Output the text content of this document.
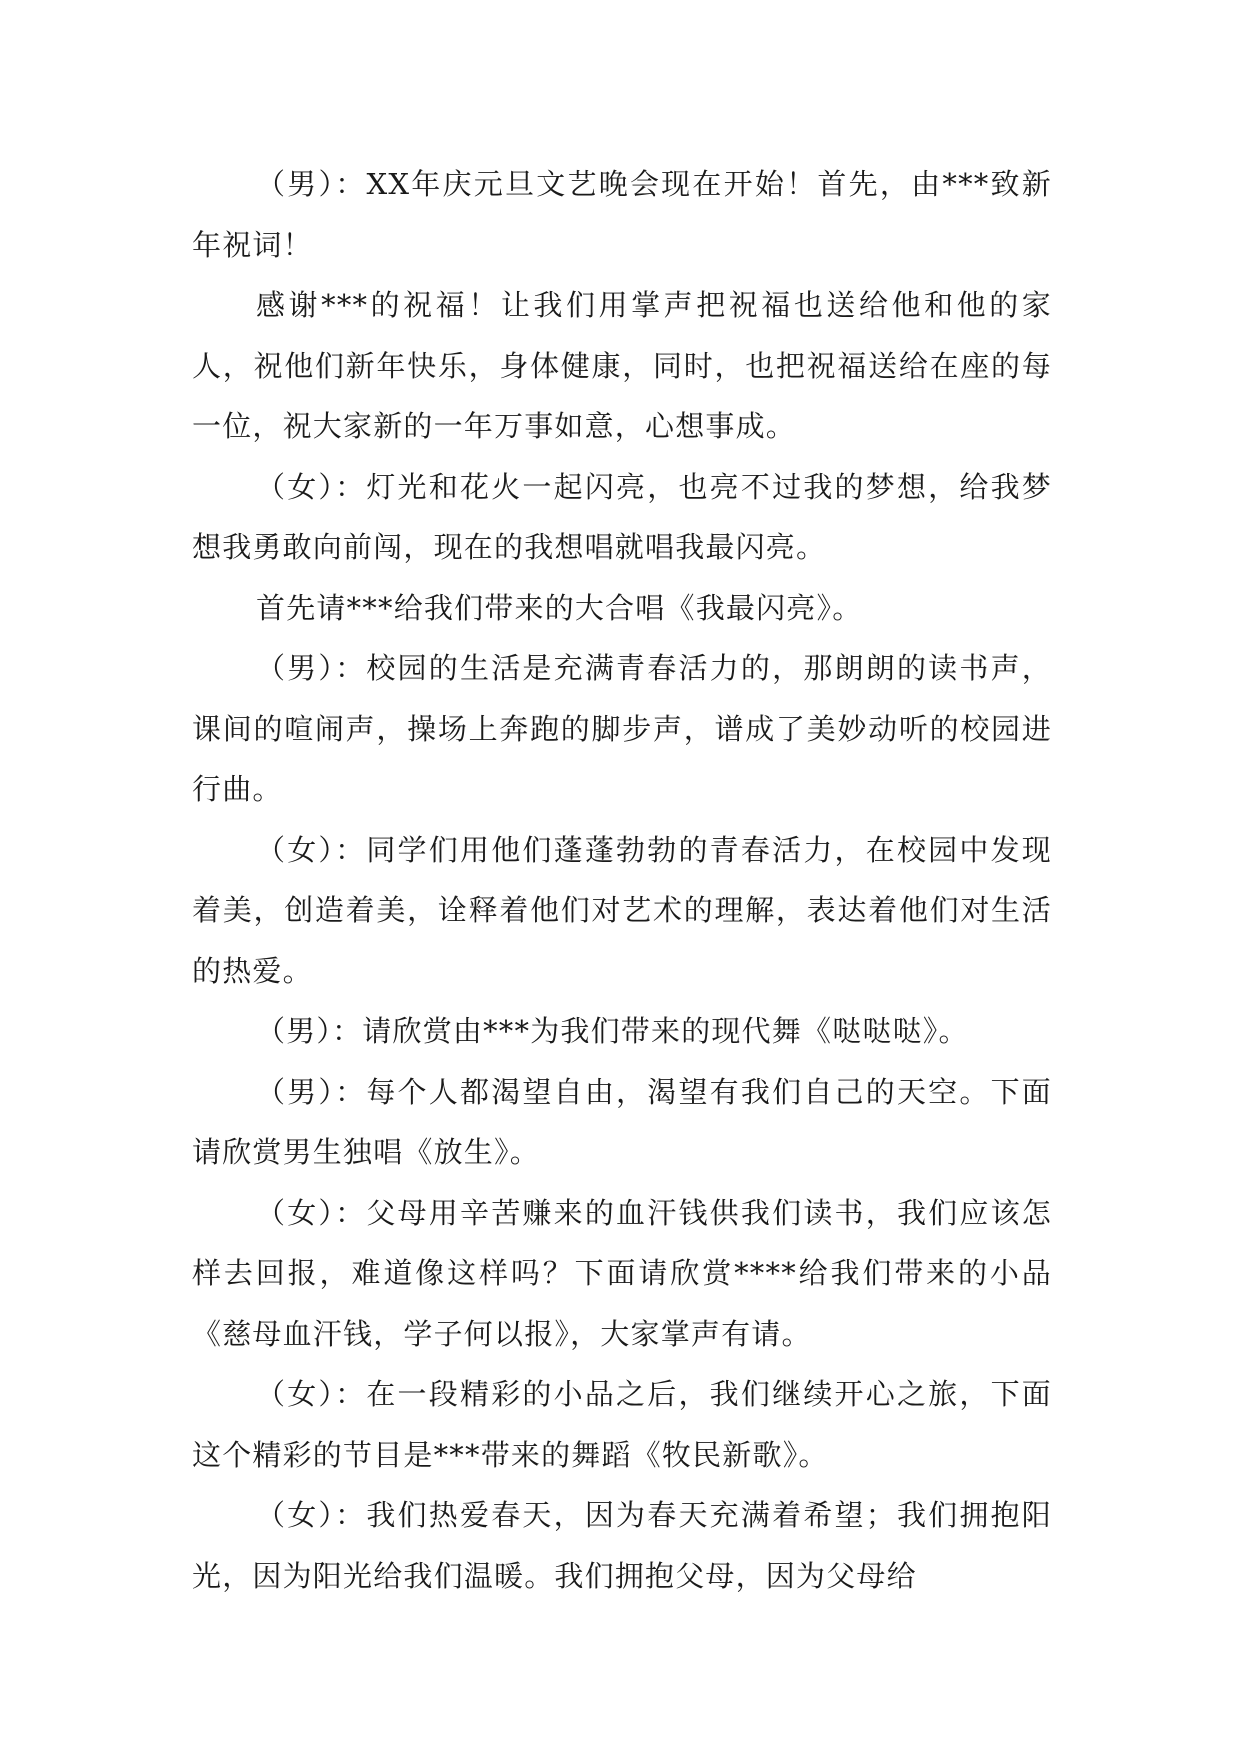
（男）：XX年庆元旦文艺晚会现在开始！首先，由***致新年祝词！

感谢***的祝福！让我们用掌声把祝福也送给他和他的家人，祝他们新年快乐，身体健康，同时，也把祝福送给在座的每一位，祝大家新的一年万事如意，心想事成。

（女）：灯光和花火一起闪亮，也亮不过我的梦想，给我梦想我勇敢向前闯，现在的我想唱就唱我最闪亮。

首先请***给我们带来的大合唱《我最闪亮》。

（男）：校园的生活是充满青春活力的，那朗朗的读书声，课间的喧闹声，操场上奔跑的脚步声，谱成了美妙动听的校园进行曲。

（女）：同学们用他们蓬蓬勃勃的青春活力，在校园中发现着美，创造着美，诠释着他们对艺术的理解，表达着他们对生活的热爱。

（男）：请欣赏由***为我们带来的现代舞《哒哒哒》。

（男）：每个人都渴望自由，渴望有我们自己的天空。下面请欣赏男生独唱《放生》。

（女）：父母用辛苦赚来的血汗钱供我们读书，我们应该怎样去回报，难道像这样吗？下面请欣赏****给我们带来的小品《慈母血汗钱，学子何以报》，大家掌声有请。

（女）：在一段精彩的小品之后，我们继续开心之旅，下面这个精彩的节目是***带来的舞蹈《牧民新歌》。

（女）：我们热爱春天，因为春天充满着希望；我们拥抱阳光，因为阳光给我们温暖。我们拥抱父母，因为父母给
